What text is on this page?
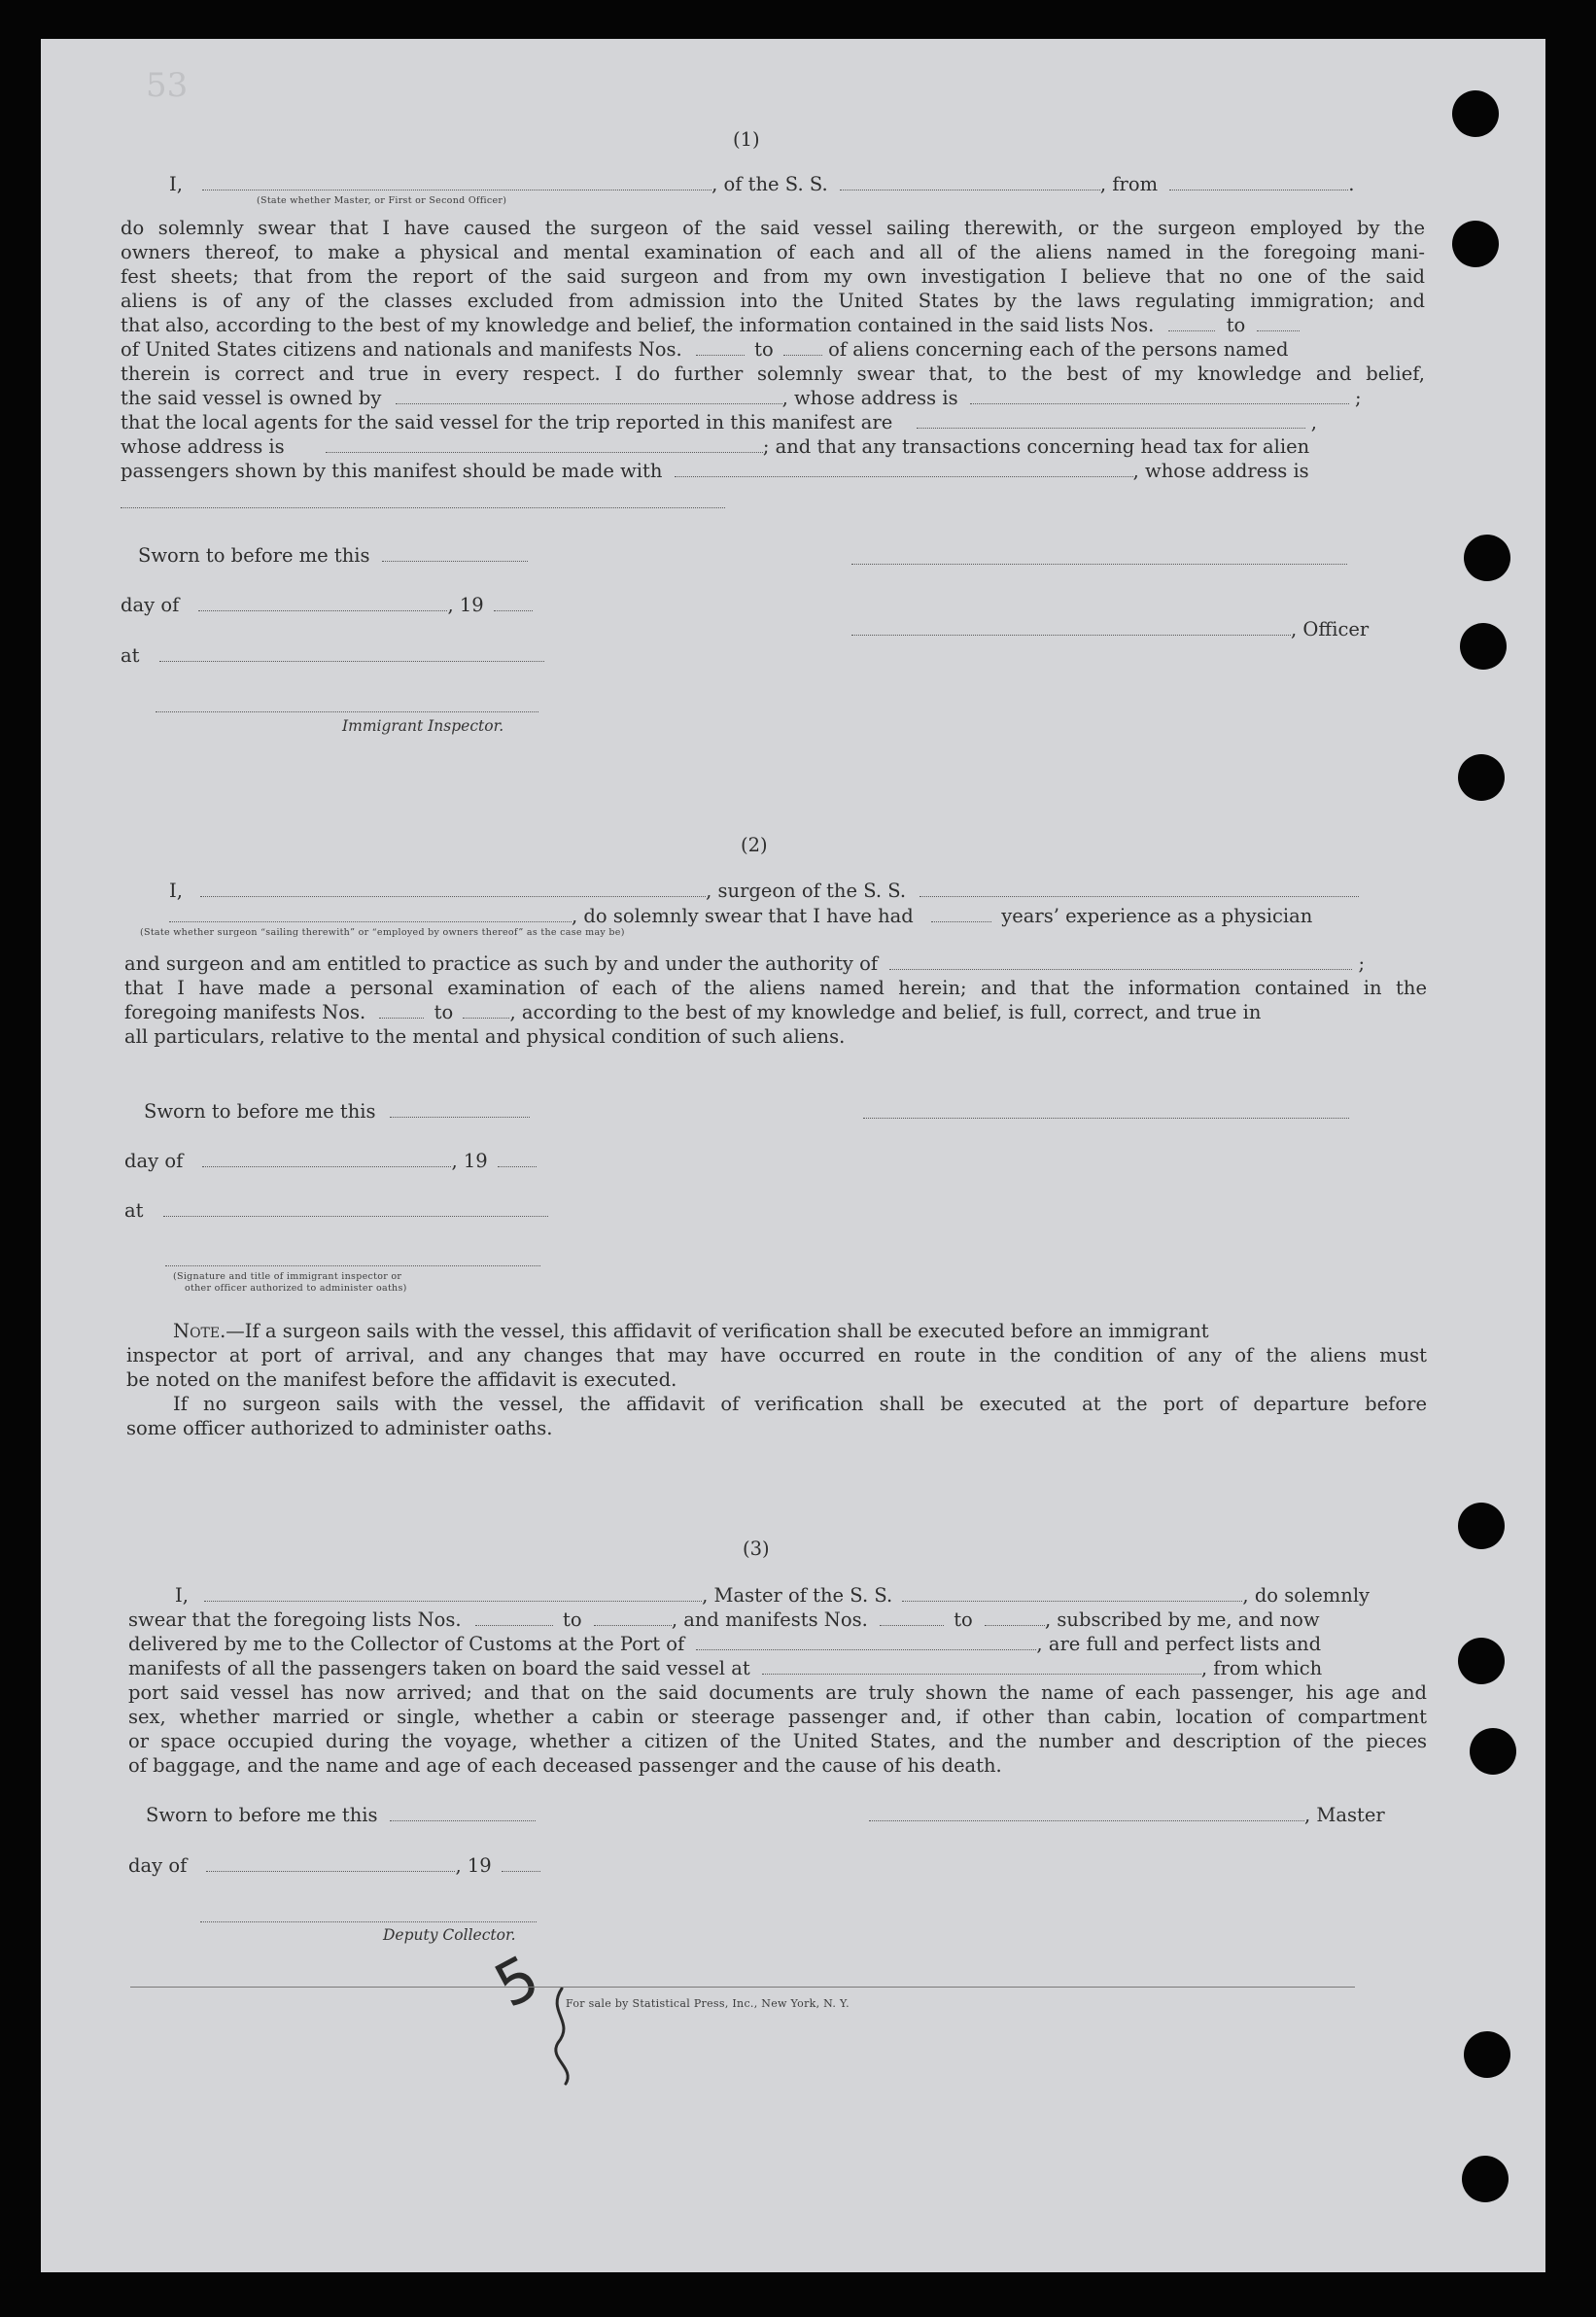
53
(1)
I,	, of the S. S.	, from	.
(State whether Master, or First or Second Officer)
do solemnly swear that I have caused the surgeon of the said vessel sailing therewith, or the surgeon employed by the
owners thereof, to make a physical and mental examination of each and all of the aliens named in the foregoing mani-
fest sheets; that from the report of the said surgeon and from my own investigation I believe that no one of the said
aliens is of any of the classes excluded from admission into the United States by the laws regulating immigration; and
that also, according to the best of my knowledge and belief, the information contained in the said lists Nos.	to
of United States citizens and nationals and manifests Nos.	to	of aliens concerning each of the persons named
therein is correct and true in every respect. I do further solemnly swear that, to the best of my knowledge and belief,
the said vessel is owned by	, whose address is	;
that the local agents for the said vessel for the trip reported in this manifest are	,
whose address is	; and that any transactions concerning head tax for alien
passengers shown by this manifest should be made with	, whose address is
Sworn to before me this
day of	, 19
, Officer
at
Immigrant Inspector.
(2)
I,	, surgeon of the S. S.
, do solemnly swear that I have had	years’ experience as a physician
(State whether surgeon “sailing therewith” or “employed by owners thereof” as the case may be)
and surgeon and am entitled to practice as such by and under the authority of	;
that I have made a personal examination of each of the aliens named herein; and that the information contained in the
foregoing manifests Nos.	to	, according to the best of my knowledge and belief, is full, correct, and true in
all particulars, relative to the mental and physical condition of such aliens.
Sworn to before me this
day of	, 19
at
(Signature and title of immigrant inspector or
other officer authorized to administer oaths)
Note.—If a surgeon sails with the vessel, this affidavit of verification shall be executed before an immigrant
inspector at port of arrival, and any changes that may have occurred en route in the condition of any of the aliens must
be noted on the manifest before the affidavit is executed.
If no surgeon sails with the vessel, the affidavit of verification shall be executed at the port of departure before
some officer authorized to administer oaths.
(3)
I,	, Master of the S. S.	, do solemnly
swear that the foregoing lists Nos.	to	, and manifests Nos.	to	, subscribed by me, and now
delivered by me to the Collector of Customs at the Port of	, are full and perfect lists and
manifests of all the passengers taken on board the said vessel at	, from which
port said vessel has now arrived; and that on the said documents are truly shown the name of each passenger, his age and
sex, whether married or single, whether a cabin or steerage passenger and, if other than cabin, location of compartment
or space occupied during the voyage, whether a citizen of the United States, and the number and description of the pieces
of baggage, and the name and age of each deceased passenger and the cause of his death.
Sworn to before me this	, Master
day of	, 19
Deputy Collector.
5 For sale by Statistical Press, Inc., New York, N. Y.
